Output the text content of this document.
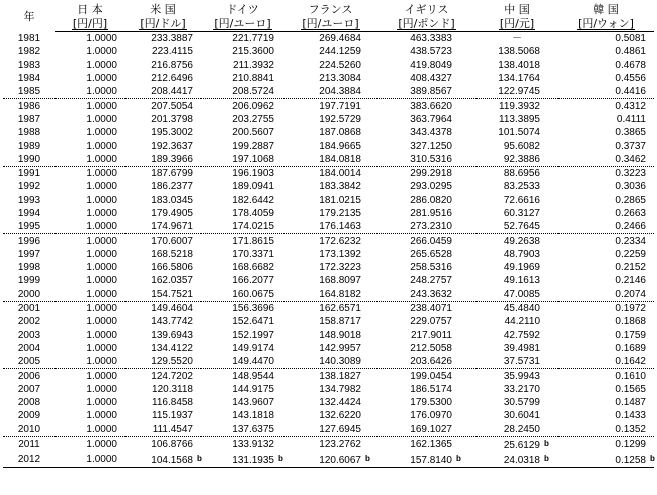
年	日 本	米 国	ドイツ	フランス	イギリス	中 国	韓 国
	[円/円]	[円/ドル]	[円/ユーロ]	[円/ユーロ]	[円/ポンド]	[円/元]	[円/ウォン]
1981	1.0000	233.3887	221.7719	269.4684	463.3383	－	0.5081
1982	1.0000	223.4115	215.3600	244.1259	438.5723	138.5068	0.4861
1983	1.0000	216.8756	211.3932	224.5260	419.8049	138.4018	0.4678
1984	1.0000	212.6496	210.8841	213.3084	408.4327	134.1764	0.4556
1985	1.0000	208.4417	208.5724	204.3884	389.8567	122.9745	0.4416
1986	1.0000	207.5054	206.0962	197.7191	383.6620	119.3932	0.4312
1987	1.0000	201.3798	203.2755	192.5729	363.7964	113.3895	0.4111
1988	1.0000	195.3002	200.5607	187.0868	343.4378	101.5074	0.3865
1989	1.0000	192.3637	199.2887	184.9665	327.1250	95.6082	0.3737
1990	1.0000	189.3966	197.1068	184.0818	310.5316	92.3886	0.3462
1991	1.0000	187.6799	196.1903	184.0014	299.2918	88.6956	0.3223
1992	1.0000	186.2377	189.0941	183.3842	293.0295	83.2533	0.3036
1993	1.0000	183.0345	182.6442	181.0215	286.0820	72.6616	0.2865
1994	1.0000	179.4905	178.4059	179.2135	281.9516	60.3127	0.2663
1995	1.0000	174.9671	174.0215	176.1463	273.2310	52.7645	0.2466
1996	1.0000	170.6007	171.8615	172.6232	266.0459	49.2638	0.2334
1997	1.0000	168.5218	170.3371	173.1392	265.6528	48.7903	0.2259
1998	1.0000	166.5806	168.6682	172.3223	258.5316	49.1969	0.2152
1999	1.0000	162.0357	166.2077	168.8097	248.2757	49.1613	0.2146
2000	1.0000	154.7521	160.0675	164.8182	243.3632	47.0085	0.2074
2001	1.0000	149.4604	156.3696	162.6571	238.4071	45.4840	0.1972
2002	1.0000	143.7742	152.6471	158.8717	229.0757	44.2110	0.1868
2003	1.0000	139.6943	152.1997	148.9018	217.9011	42.7592	0.1759
2004	1.0000	134.4122	149.9174	142.9957	212.5058	39.4981	0.1689
2005	1.0000	129.5520	149.4470	140.3089	203.6426	37.5731	0.1642
2006	1.0000	124.7202	148.9544	138.1827	199.0454	35.9943	0.1610
2007	1.0000	120.3118	144.9175	134.7982	186.5174	33.2170	0.1565
2008	1.0000	116.8458	143.9607	132.4424	179.5300	30.5799	0.1487
2009	1.0000	115.1937	143.1818	132.6220	176.0970	30.6041	0.1433
2010	1.0000	111.4547	137.6375	127.6945	169.1027	28.2450	0.1352
2011	1.0000	106.8766	133.9132	123.2762	162.1365	25.6129 b	0.1299
2012	1.0000	104.1568 b	131.1935 b	120.6067 b	157.8140 b	24.0318 b	0.1258 b
